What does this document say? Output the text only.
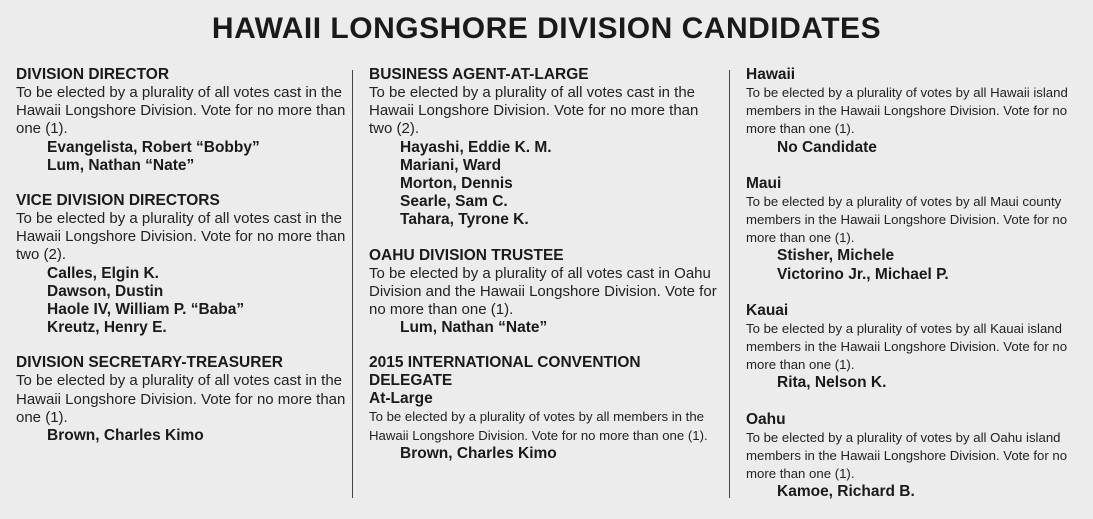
HAWAII LONGSHORE DIVISION CANDIDATES
DIVISION DIRECTOR
To be elected by a plurality of all votes cast in the Hawaii Longshore Division. Vote for no more than one (1).
Evangelista, Robert “Bobby”
Lum, Nathan “Nate”
VICE DIVISION DIRECTORS
To be elected by a plurality of all votes cast in the Hawaii Longshore Division. Vote for no more than two (2).
Calles, Elgin K.
Dawson, Dustin
Haole IV, William P. “Baba”
Kreutz, Henry E.
DIVISION SECRETARY-TREASURER
To be elected by a plurality of all votes cast in the Hawaii Longshore Division. Vote for no more than one (1).
Brown, Charles Kimo
BUSINESS AGENT-AT-LARGE
To be elected by a plurality of all votes cast in the Hawaii Longshore Division. Vote for no more than two (2).
Hayashi, Eddie K. M.
Mariani, Ward
Morton, Dennis
Searle, Sam C.
Tahara, Tyrone K.
OAHU DIVISION TRUSTEE
To be elected by a plurality of all votes cast in Oahu Division and the Hawaii Longshore Division. Vote for no more than one (1).
Lum, Nathan “Nate”
2015 INTERNATIONAL CONVENTION DELEGATE
At-Large
To be elected by a plurality of votes by all members in the Hawaii Longshore Division. Vote for no more than one (1).
Brown, Charles Kimo
Hawaii
To be elected by a plurality of votes by all Hawaii island members in the Hawaii Longshore Division. Vote for no more than one (1).
No Candidate
Maui
To be elected by a plurality of votes by all Maui county members in the Hawaii Longshore Division. Vote for no more than one (1).
Stisher, Michele
Victorino Jr., Michael P.
Kauai
To be elected by a plurality of votes by all Kauai island members in the Hawaii Longshore Division. Vote for no more than one (1).
Rita, Nelson K.
Oahu
To be elected by a plurality of votes by all Oahu island members in the Hawaii Longshore Division. Vote for no more than one (1).
Kamoe, Richard B.
